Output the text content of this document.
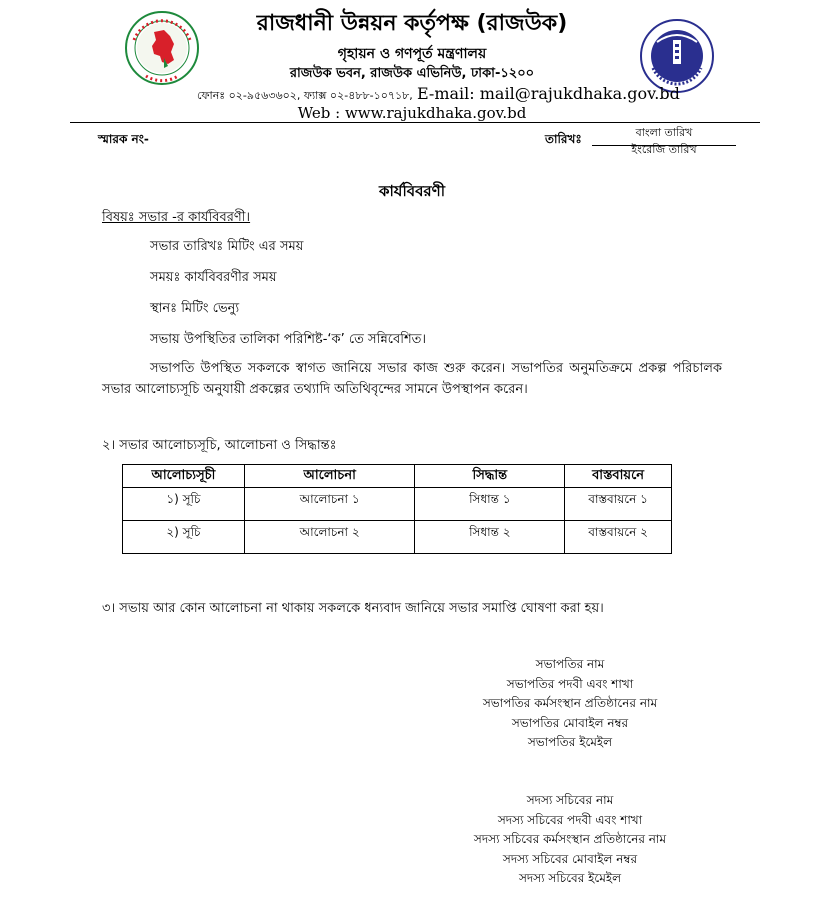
রাজধানী উন্নয়ন কর্তৃপক্ষ (রাজউক)
গৃহায়ন ও গণপূর্ত মন্ত্রণালয়
রাজউক ভবন, রাজউক এভিনিউ, ঢাকা-১২০০
ফোনঃ ০২-৯৫৬৩৬০২, ফ্যাক্স ০২-৪৮৮-১০৭১৮, E-mail: mail@rajukdhaka.gov.bd
Web : www.rajukdhaka.gov.bd
স্মারক নং-	তারিখঃ	বাংলা তারিখ
ইংরেজি তারিখ
কার্যবিবরণী
বিষয়ঃ সভার -র কার্যবিবরণী।
সভার তারিখঃ মিটিং এর সময়
সময়ঃ কার্যবিবরণীর সময়
স্থানঃ মিটিং ভেন্যু
সভায় উপস্থিতির তালিকা পরিশিষ্ট-‘ক’ তে সন্নিবেশিত।
সভাপতি উপস্থিত সকলকে স্বাগত জানিয়ে সভার কাজ শুরু করেন। সভাপতির অনুমতিক্রমে প্রকল্প পরিচালক সভার আলোচ্যসূচি অনুযায়ী প্রকল্পের তথ্যাদি অতিথিবৃন্দের সামনে উপস্থাপন করেন।
২। সভার আলোচ্যসূচি, আলোচনা ও সিদ্ধান্তঃ
আলোচ্যসূচী	আলোচনা	সিদ্ধান্ত	বাস্তবায়নে
১) সূচি	আলোচনা ১	সিধান্ত ১	বাস্তবায়নে ১
২) সূচি	আলোচনা ২	সিধান্ত ২	বাস্তবায়নে ২
৩। সভায় আর কোন আলোচনা না থাকায় সকলকে ধন্যবাদ জানিয়ে সভার সমাপ্তি ঘোষণা করা হয়।
সভাপতির নাম
সভাপতির পদবী এবং শাখা
সভাপতির কর্মসংস্থান প্রতিষ্ঠানের নাম
সভাপতির মোবাইল নম্বর
সভাপতির ইমেইল
সদস্য সচিবের নাম
সদস্য সচিবের পদবী এবং শাখা
সদস্য সচিবের কর্মসংস্থান প্রতিষ্ঠানের নাম
সদস্য সচিবের মোবাইল নম্বর
সদস্য সচিবের ইমেইল
